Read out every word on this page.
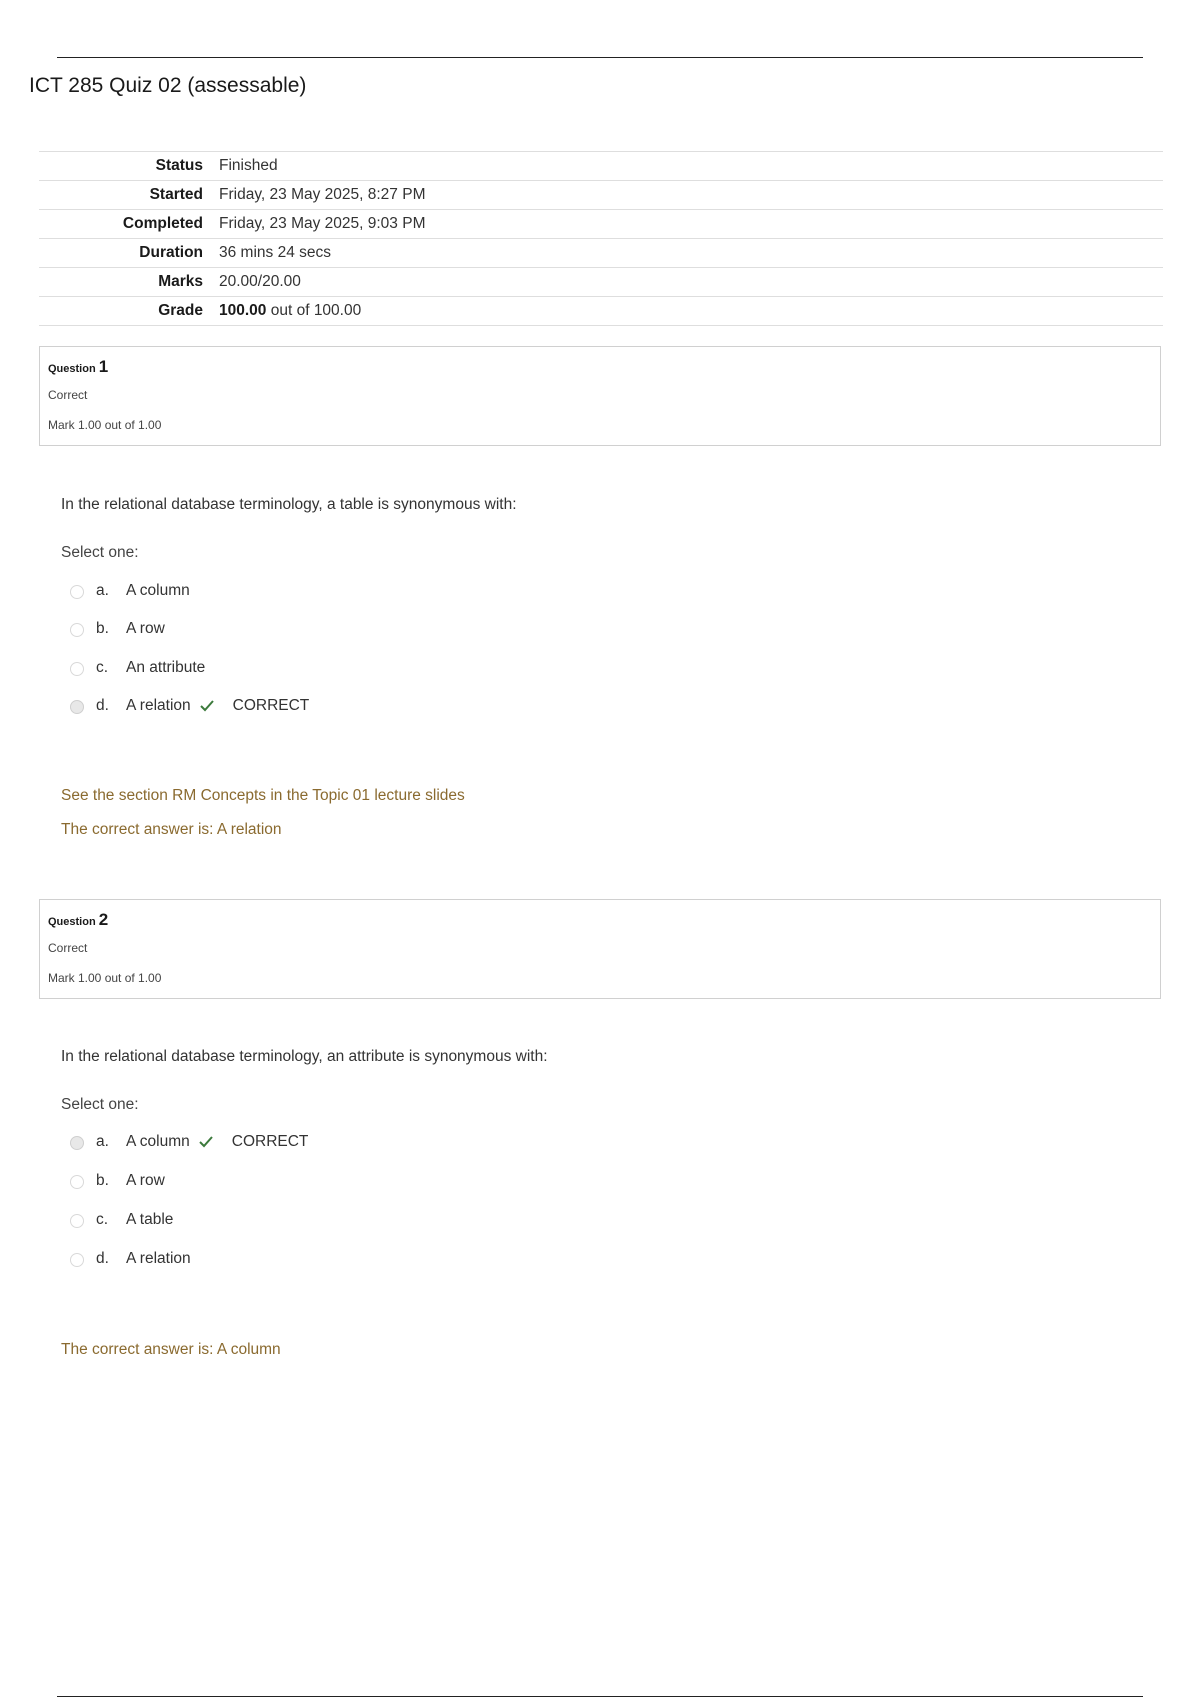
ICT 285 Quiz 02 (assessable)
Status	Finished
Started	Friday, 23 May 2025, 8:27 PM
Completed	Friday, 23 May 2025, 9:03 PM
Duration	36 mins 24 secs
Marks	20.00/20.00
Grade	100.00 out of 100.00
Question 1
Correct
Mark 1.00 out of 1.00
In the relational database terminology, a table is synonymous with:
Select one:
a. A column
b. A row
c. An attribute
d. A relation	CORRECT
See the section RM Concepts in the Topic 01 lecture slides
The correct answer is: A relation
Question 2
Correct
Mark 1.00 out of 1.00
In the relational database terminology, an attribute is synonymous with:
Select one:
a. A column	CORRECT
b. A row
c. A table
d. A relation
The correct answer is: A column
